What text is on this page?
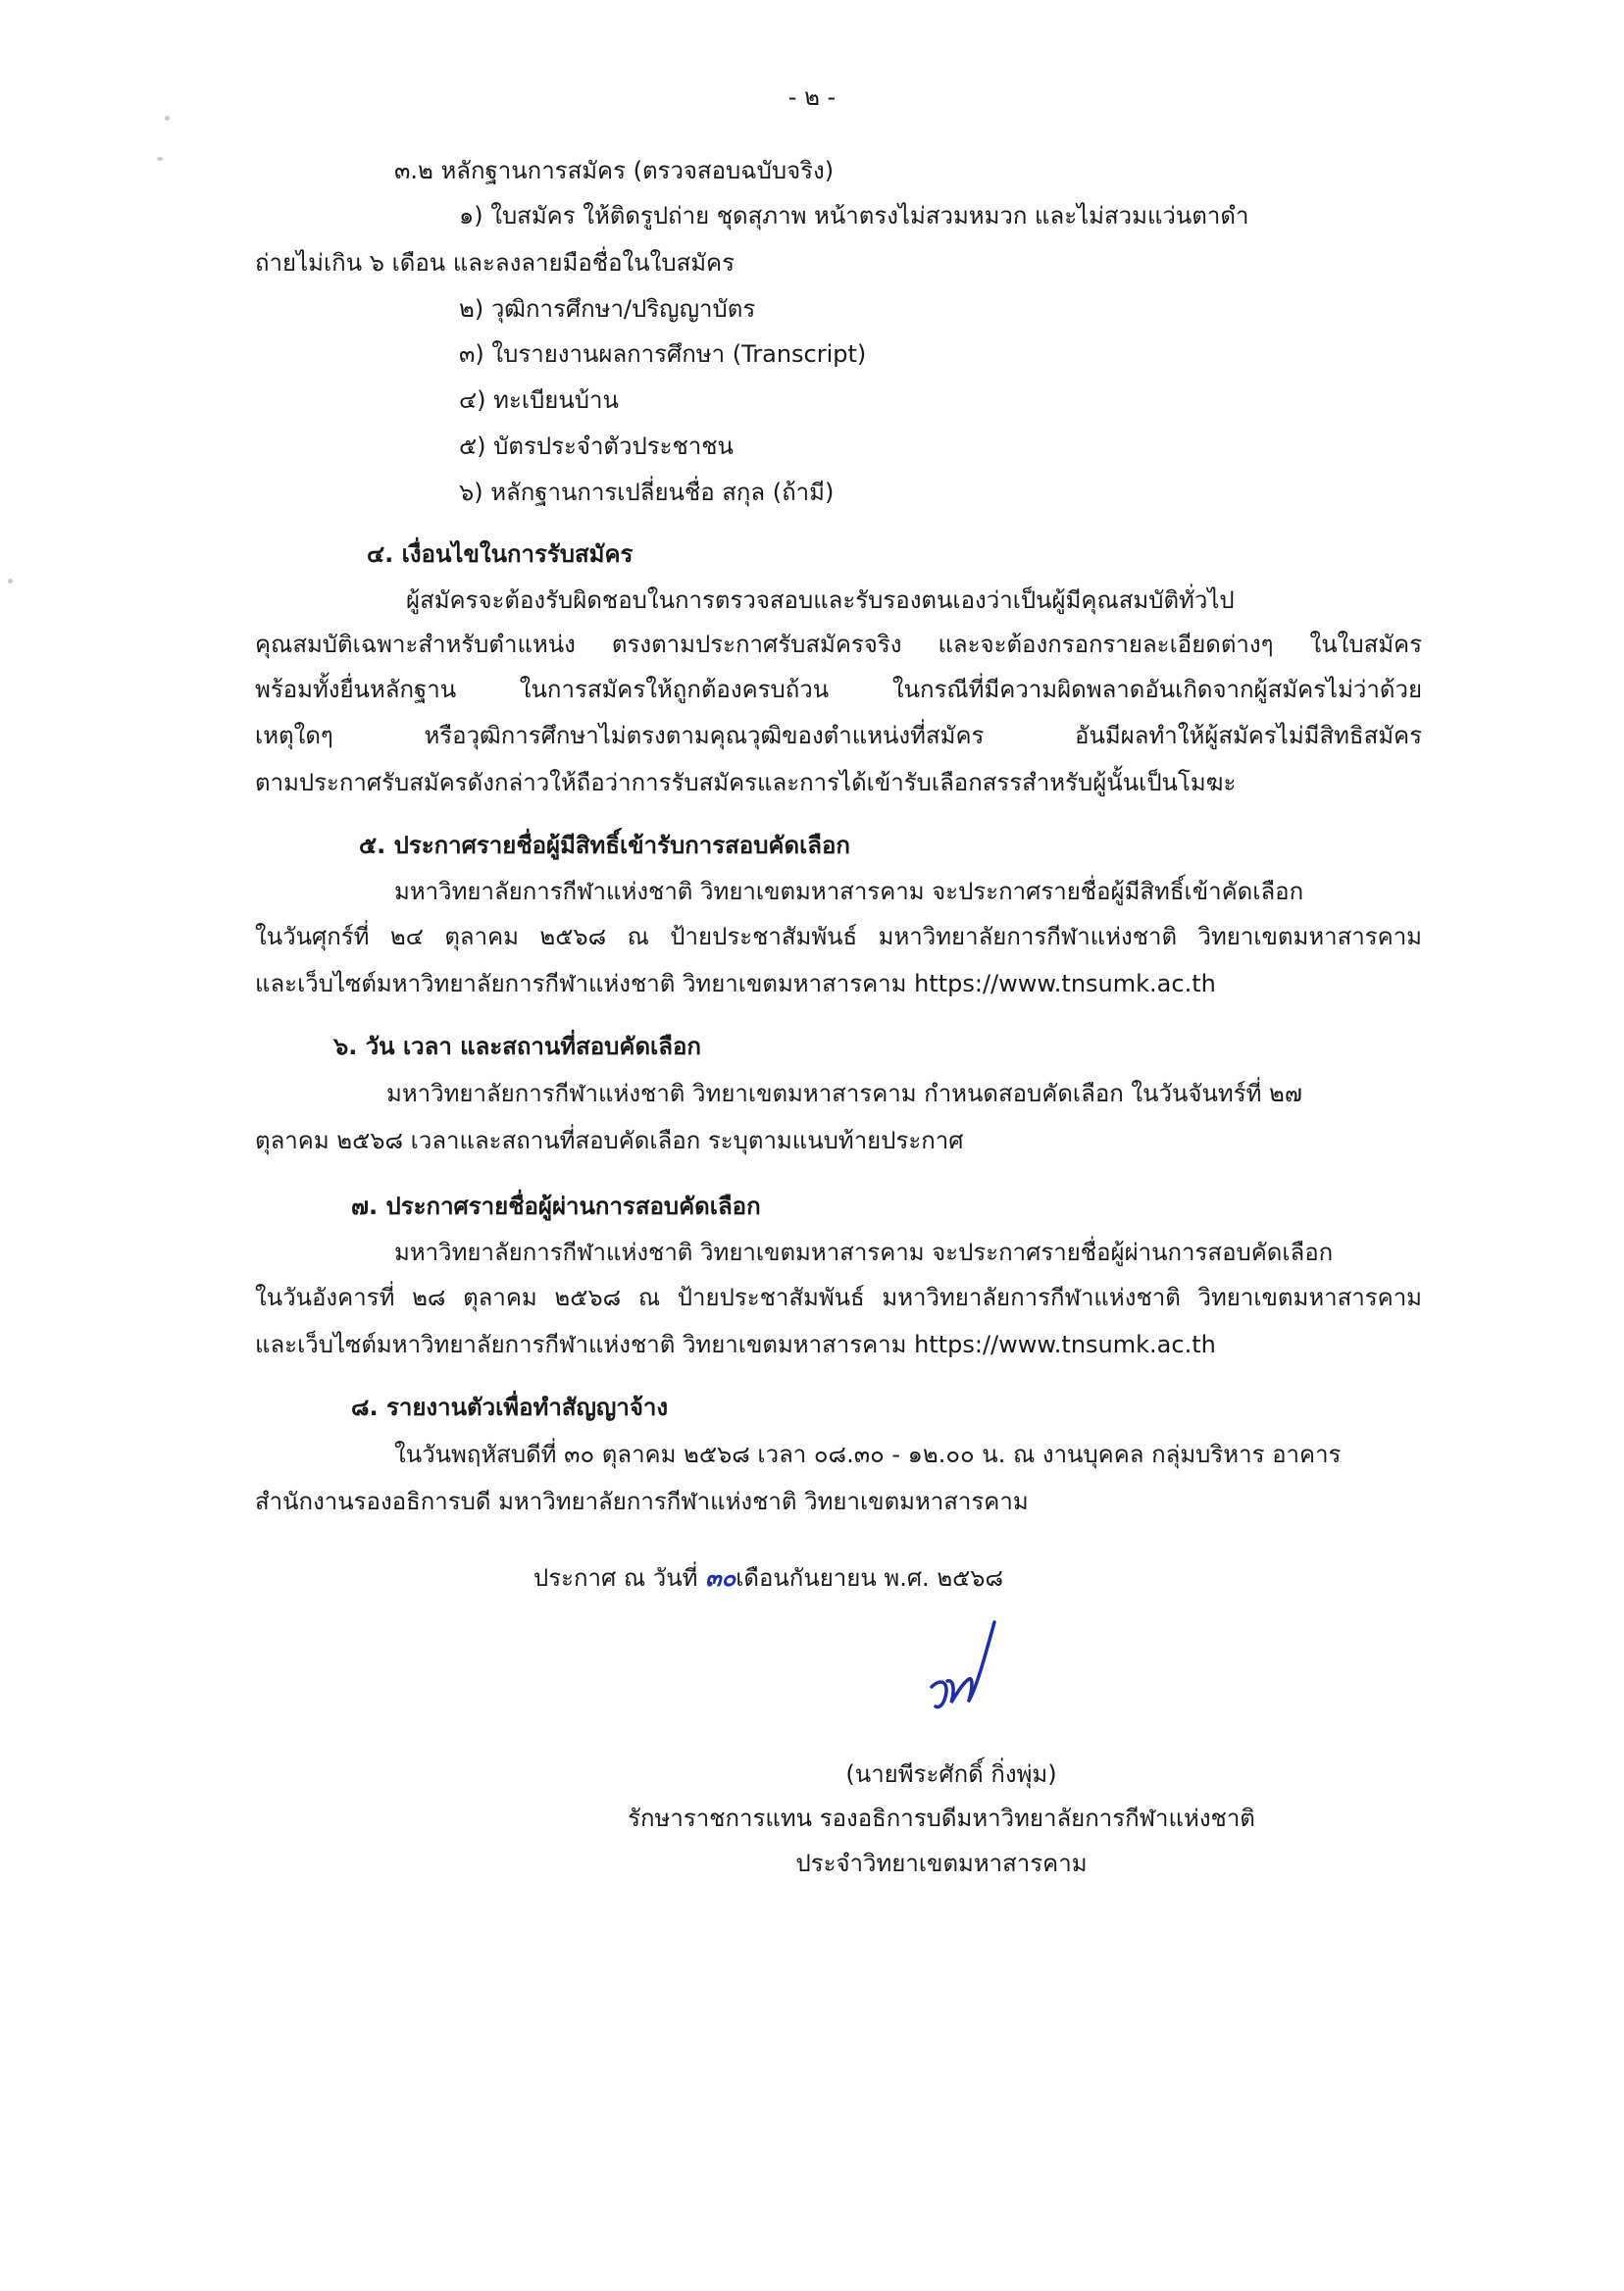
- ๒ -
๓.๒ หลักฐานการสมัคร (ตรวจสอบฉบับจริง)
๑) ใบสมัคร ให้ติดรูปถ่าย ชุดสุภาพ หน้าตรงไม่สวมหมวก และไม่สวมแว่นตาดำ
ถ่ายไม่เกิน ๖ เดือน และลงลายมือชื่อในใบสมัคร
๒) วุฒิการศึกษา/ปริญญาบัตร
๓) ใบรายงานผลการศึกษา (Transcript)
๔) ทะเบียนบ้าน
๕) บัตรประจำตัวประชาชน
๖) หลักฐานการเปลี่ยนชื่อ สกุล (ถ้ามี)
๔. เงื่อนไขในการรับสมัคร
ผู้สมัครจะต้องรับผิดชอบในการตรวจสอบและรับรองตนเองว่าเป็นผู้มีคุณสมบัติทั่วไป
คุณสมบัติเฉพาะสำหรับตำแหน่ง ตรงตามประกาศรับสมัครจริง และจะต้องกรอกรายละเอียดต่างๆ ในใบสมัคร
พร้อมทั้งยื่นหลักฐาน ในการสมัครให้ถูกต้องครบถ้วน ในกรณีที่มีความผิดพลาดอันเกิดจากผู้สมัครไม่ว่าด้วย
เหตุใดๆ หรือวุฒิการศึกษาไม่ตรงตามคุณวุฒิของตำแหน่งที่สมัคร อันมีผลทำให้ผู้สมัครไม่มีสิทธิสมัคร
ตามประกาศรับสมัครดังกล่าวให้ถือว่าการรับสมัครและการได้เข้ารับเลือกสรรสำหรับผู้นั้นเป็นโมฆะ
๕. ประกาศรายชื่อผู้มีสิทธิ์เข้ารับการสอบคัดเลือก
มหาวิทยาลัยการกีฬาแห่งชาติ วิทยาเขตมหาสารคาม จะประกาศรายชื่อผู้มีสิทธิ์เข้าคัดเลือก
ในวันศุกร์ที่ ๒๔ ตุลาคม ๒๕๖๘ ณ ป้ายประชาสัมพันธ์ มหาวิทยาลัยการกีฬาแห่งชาติ วิทยาเขตมหาสารคาม
และเว็บไซต์มหาวิทยาลัยการกีฬาแห่งชาติ วิทยาเขตมหาสารคาม https://www.tnsumk.ac.th
๖. วัน เวลา และสถานที่สอบคัดเลือก
มหาวิทยาลัยการกีฬาแห่งชาติ วิทยาเขตมหาสารคาม กำหนดสอบคัดเลือก ในวันจันทร์ที่ ๒๗
ตุลาคม ๒๕๖๘ เวลาและสถานที่สอบคัดเลือก ระบุตามแนบท้ายประกาศ
๗. ประกาศรายชื่อผู้ผ่านการสอบคัดเลือก
มหาวิทยาลัยการกีฬาแห่งชาติ วิทยาเขตมหาสารคาม จะประกาศรายชื่อผู้ผ่านการสอบคัดเลือก
ในวันอังคารที่ ๒๘ ตุลาคม ๒๕๖๘ ณ ป้ายประชาสัมพันธ์ มหาวิทยาลัยการกีฬาแห่งชาติ วิทยาเขตมหาสารคาม
และเว็บไซต์มหาวิทยาลัยการกีฬาแห่งชาติ วิทยาเขตมหาสารคาม https://www.tnsumk.ac.th
๘. รายงานตัวเพื่อทำสัญญาจ้าง
ในวันพฤหัสบดีที่ ๓๐ ตุลาคม ๒๕๖๘ เวลา ๐๘.๓๐ - ๑๒.๐๐ น. ณ งานบุคคล กลุ่มบริหาร อาคาร
สำนักงานรองอธิการบดี มหาวิทยาลัยการกีฬาแห่งชาติ วิทยาเขตมหาสารคาม
ประกาศ ณ วันที่ ๓๐เดือนกันยายน พ.ศ. ๒๕๖๘
(นายพีระศักดิ์ กิ่งพุ่ม)
รักษาราชการแทน รองอธิการบดีมหาวิทยาลัยการกีฬาแห่งชาติ
ประจำวิทยาเขตมหาสารคาม
